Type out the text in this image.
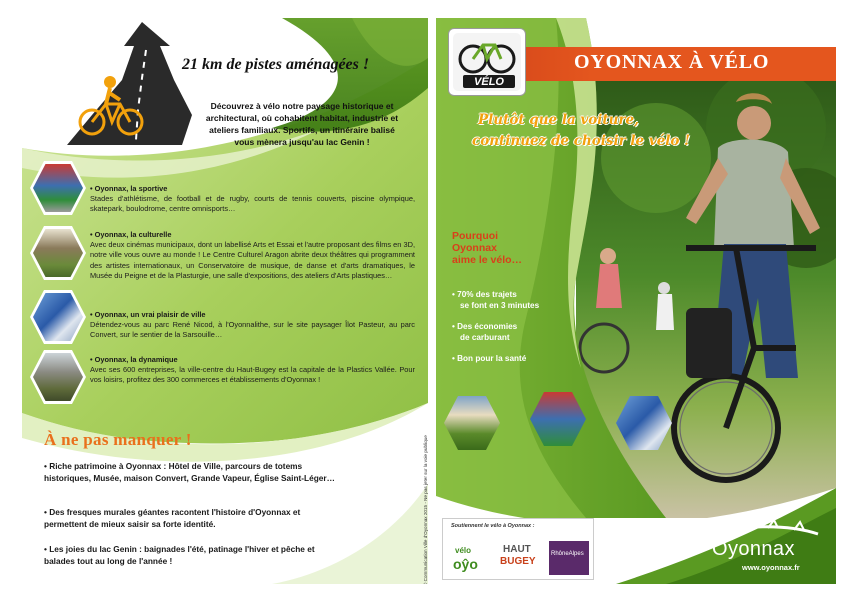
21 km de pistes aménagées !
Découvrez à vélo notre paysage historique et architectural, où cohabitent habitat, industrie et ateliers familiaux. Sportifs, un itinéraire balisé vous mènera jusqu'au lac Genin !
• Oyonnax, la sportive
Stades d'athlétisme, de football et de rugby, courts de tennis couverts, piscine olympique, skatepark, boulodrome, centre omnisports…
• Oyonnax, la culturelle
Avec deux cinémas municipaux, dont un labellisé Arts et Essai et l'autre proposant des films en 3D, notre ville vous ouvre au monde ! Le Centre Culturel Aragon abrite deux théâtres qui programment des artistes internationaux, un Conservatoire de musique, de danse et d'arts dramatiques, le Musée du Peigne et de la Plasturgie, une salle d'expositions, des ateliers d'Arts plastiques…
• Oyonnax, un vrai plaisir de ville
Détendez-vous au parc René Nicod, à l'Oyonnalithe, sur le site paysager Îlot Pasteur, au parc Convert, sur le sentier de la Sarsouille…
• Oyonnax, la dynamique
Avec ses 600 entreprises, la ville-centre du Haut-Bugey est la capitale de la Plastics Vallée. Pour vos loisirs, profitez des 300 commerces et établissements d'Oyonnax !
À ne pas manquer !
• Riche patrimoine à Oyonnax : Hôtel de Ville, parcours de totems historiques, Musée, maison Convert, Grande Vapeur, Église Saint-Léger…
• Des fresques murales géantes racontent l'histoire d'Oyonnax et permettent de mieux saisir sa forte identité.
• Les joies du lac Genin : baignades l'été, patinage l'hiver et pêche et balades tout au long de l'année !	© Communication Ville d'Oyonnax 2015 - Ne pas jeter sur la voie publique
OYONNAX À VÉLO
VÉLO
Plutôt que la voiture,
continuez de choisir le vélo !
Pourquoi
Oyonnax
aime le vélo…
• 70% des trajets
se font en 3 minutes
• Des économies
de carburant
• Bon pour la santé
Soutiennent le vélo à Oyonnax :
vélo
oŷo
HAUT
BUGEY
RhôneAlpes	Oyonnax
www.oyonnax.fr
